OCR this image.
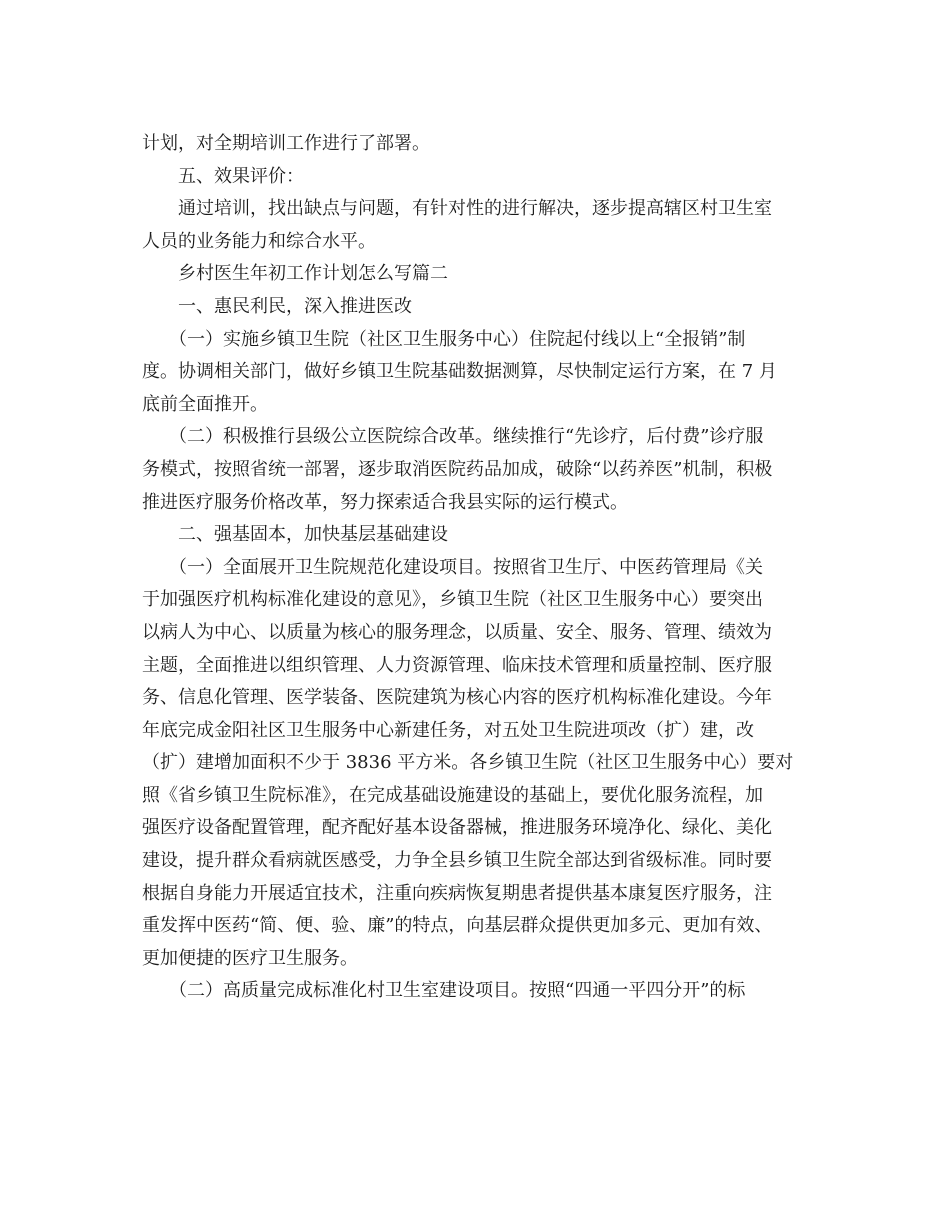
计划，对全期培训工作进行了部署。
　　五、效果评价：
　　通过培训，找出缺点与问题，有针对性的进行解决，逐步提高辖区村卫生室
人员的业务能力和综合水平。
　　乡村医生年初工作计划怎么写篇二
　　一、惠民利民，深入推进医改
　　（一）实施乡镇卫生院（社区卫生服务中心）住院起付线以上“全报销”制
度。协调相关部门，做好乡镇卫生院基础数据测算，尽快制定运行方案，在 7 月
底前全面推开。
　　（二）积极推行县级公立医院综合改革。继续推行“先诊疗，后付费”诊疗服
务模式，按照省统一部署，逐步取消医院药品加成，破除“以药养医”机制，积极
推进医疗服务价格改革，努力探索适合我县实际的运行模式。
　　二、强基固本，加快基层基础建设
　　（一）全面展开卫生院规范化建设项目。按照省卫生厅、中医药管理局《关
于加强医疗机构标准化建设的意见》，乡镇卫生院（社区卫生服务中心）要突出
以病人为中心、以质量为核心的服务理念，以质量、安全、服务、管理、绩效为
主题，全面推进以组织管理、人力资源管理、临床技术管理和质量控制、医疗服
务、信息化管理、医学装备、医院建筑为核心内容的医疗机构标准化建设。今年
年底完成金阳社区卫生服务中心新建任务，对五处卫生院进项改（扩）建，改
（扩）建增加面积不少于 3836 平方米。各乡镇卫生院（社区卫生服务中心）要对
照《省乡镇卫生院标准》，在完成基础设施建设的基础上，要优化服务流程，加
强医疗设备配置管理，配齐配好基本设备器械，推进服务环境净化、绿化、美化
建设，提升群众看病就医感受，力争全县乡镇卫生院全部达到省级标准。同时要
根据自身能力开展适宜技术，注重向疾病恢复期患者提供基本康复医疗服务，注
重发挥中医药“简、便、验、廉”的特点，向基层群众提供更加多元、更加有效、
更加便捷的医疗卫生服务。
　　（二）高质量完成标准化村卫生室建设项目。按照“四通一平四分开”的标
